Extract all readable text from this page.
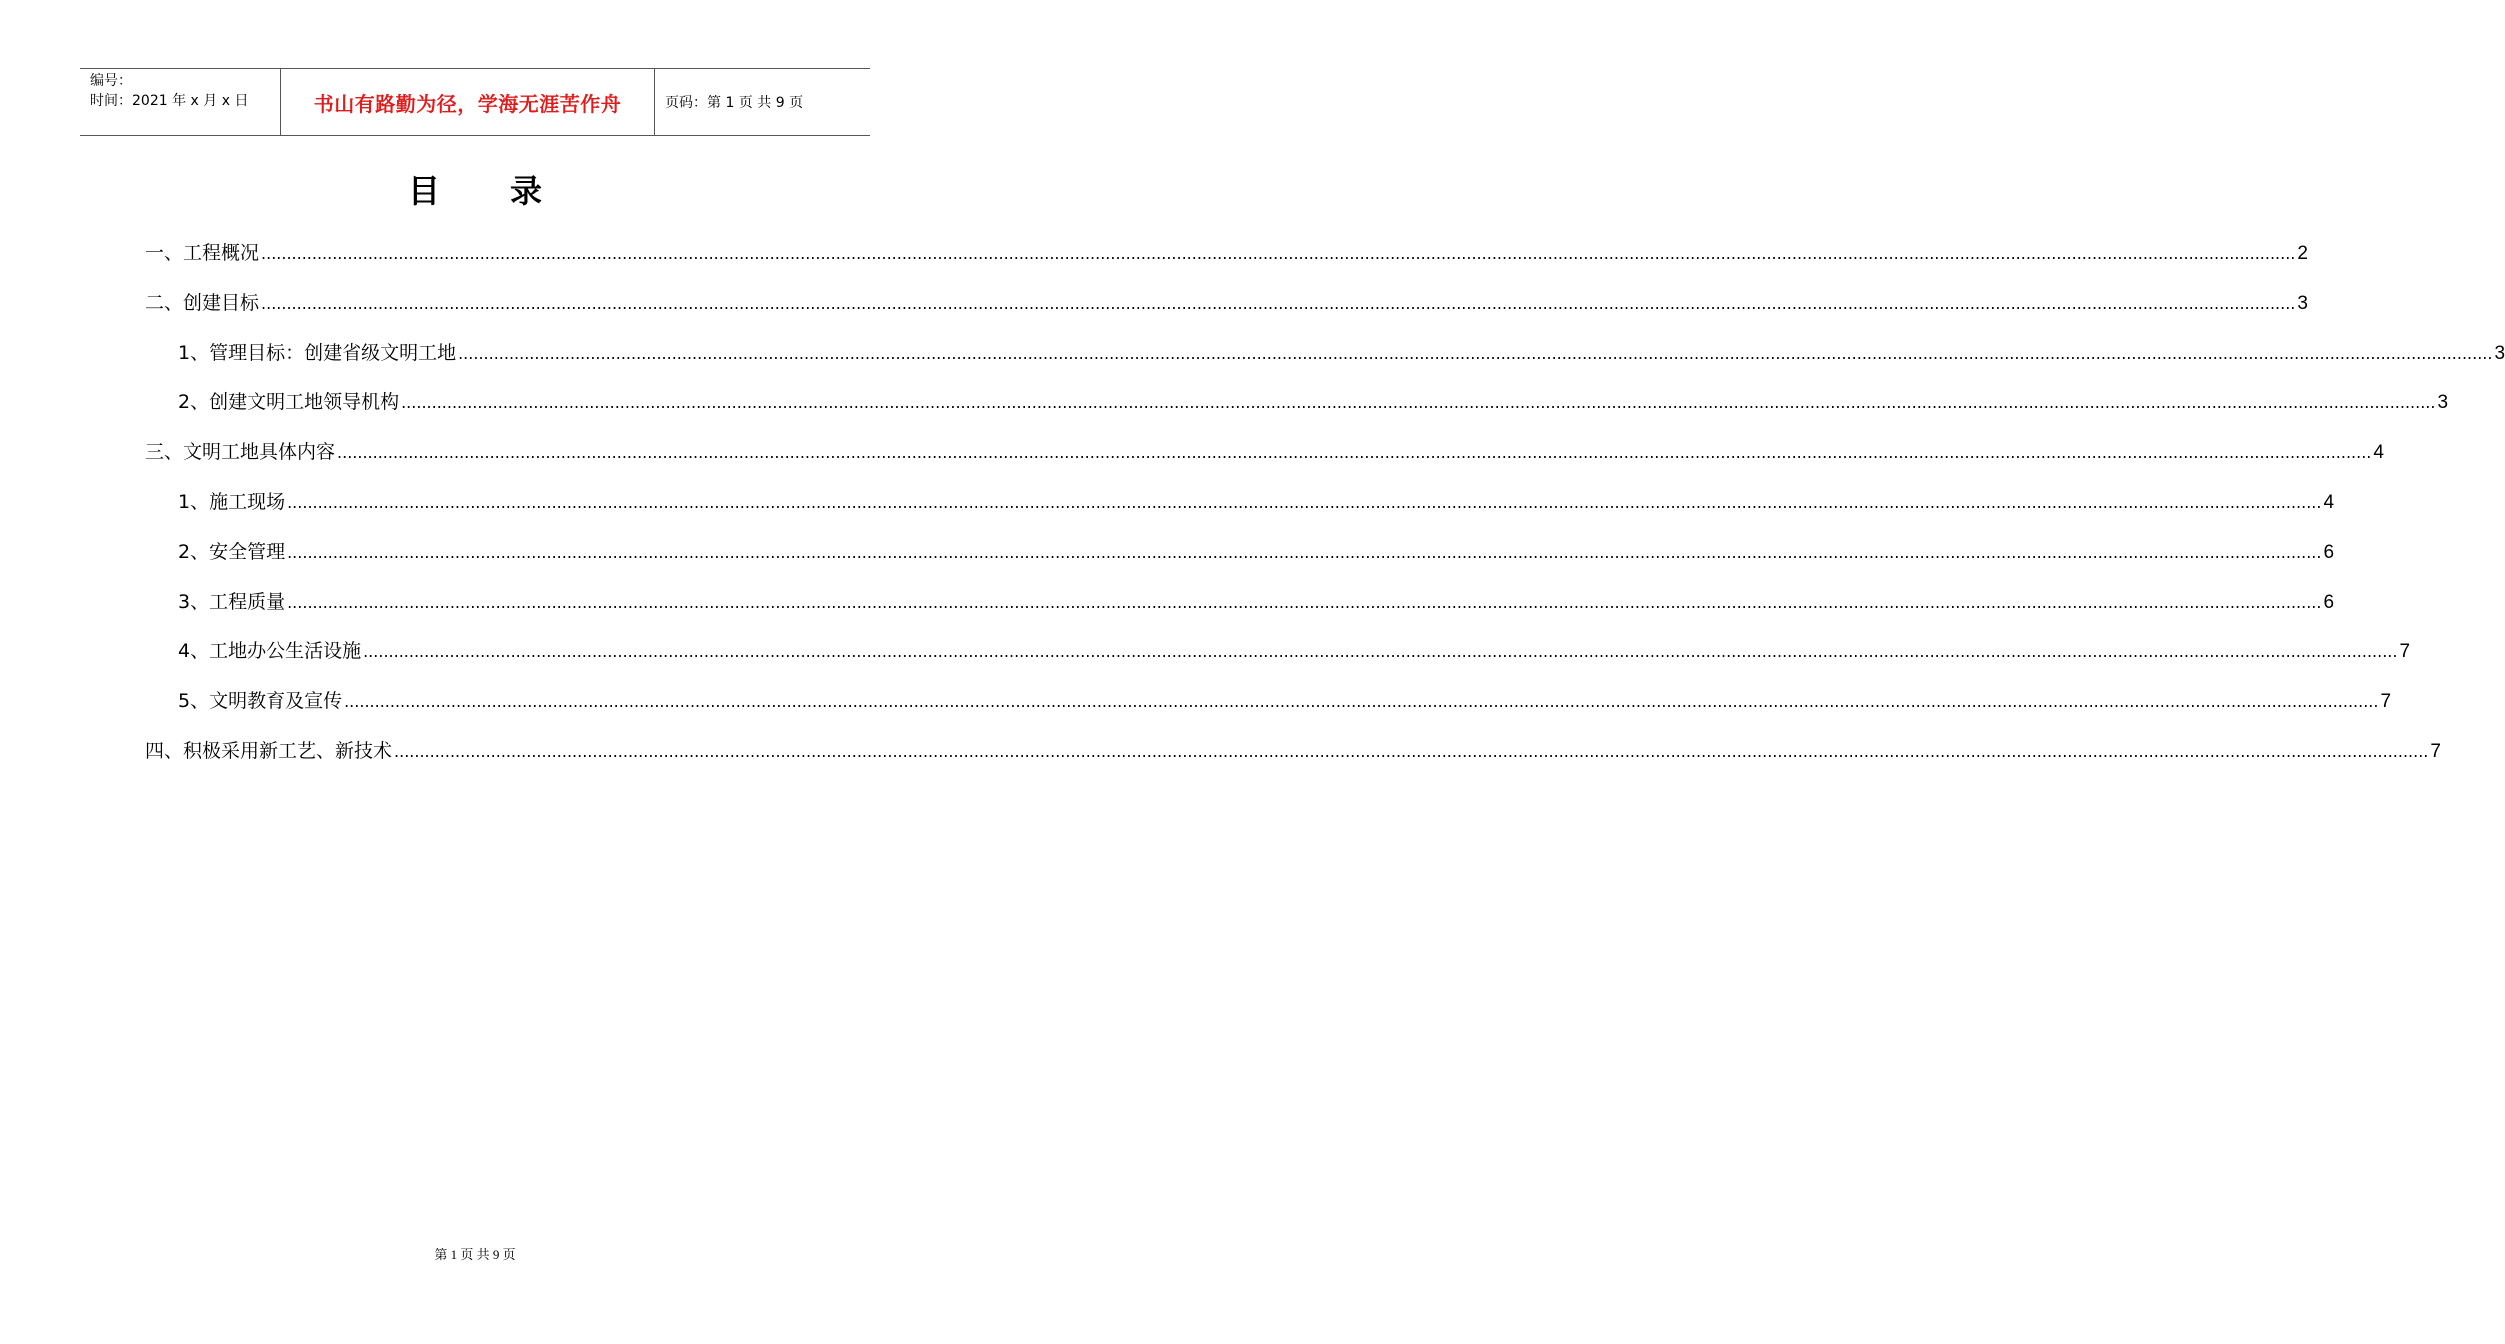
编号：
时间：2021 年 x 月 x 日	书山有路勤为径，学海无涯苦作舟	页码：第 1 页 共 9 页
目录
一、工程概况 ................................................................................................................................................................................................................................................................................................................................................................................................................ 2
二、创建目标 ................................................................................................................................................................................................................................................................................................................................................................................................................ 3
1、管理目标：创建省级文明工地 ................................................................................................................................................................................................................................................................................................................................................................................................................ 3
2、创建文明工地领导机构 ................................................................................................................................................................................................................................................................................................................................................................................................................ 3
三、文明工地具体内容 ................................................................................................................................................................................................................................................................................................................................................................................................................ 4
1、施工现场 ................................................................................................................................................................................................................................................................................................................................................................................................................ 4
2、安全管理 ................................................................................................................................................................................................................................................................................................................................................................................................................ 6
3、工程质量 ................................................................................................................................................................................................................................................................................................................................................................................................................ 6
4、工地办公生活设施 ................................................................................................................................................................................................................................................................................................................................................................................................................ 7
5、文明教育及宣传 ................................................................................................................................................................................................................................................................................................................................................................................................................ 7
四、积极采用新工艺、新技术 ................................................................................................................................................................................................................................................................................................................................................................................................................ 7
第 1 页 共 9 页
